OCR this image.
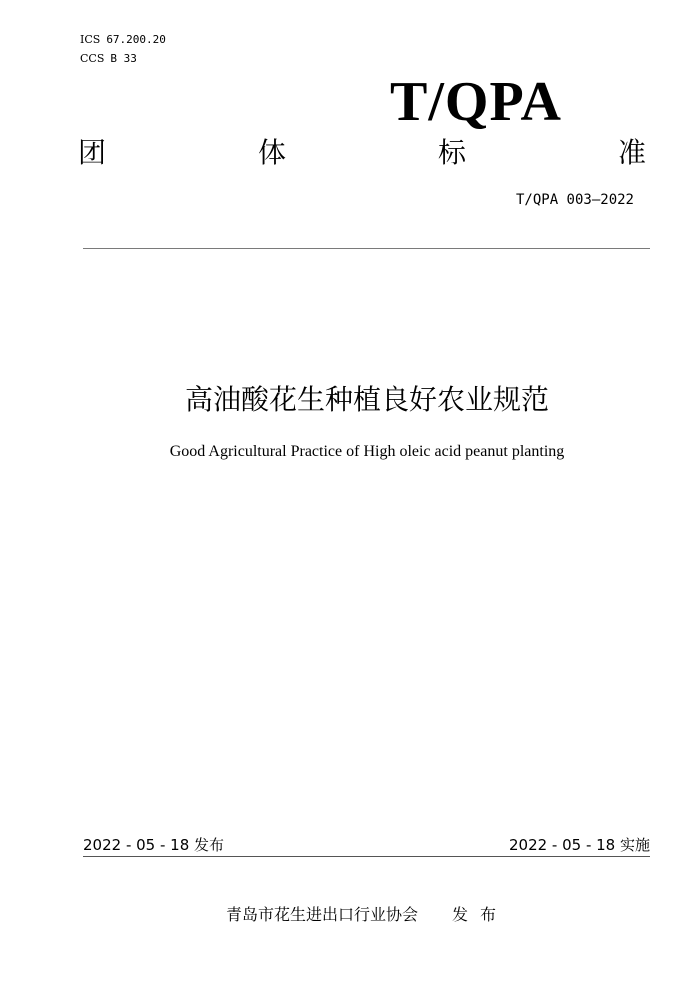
ICS 67.200.20
CCS B 33
T/QPA
团	体	标	准
T/QPA 003—2022
高油酸花生种植良好农业规范
Good Agricultural Practice of High oleic acid peanut planting
2022 - 05 - 18 发布	2022 - 05 - 18 实施
青岛市花生进出口行业协会 发布
